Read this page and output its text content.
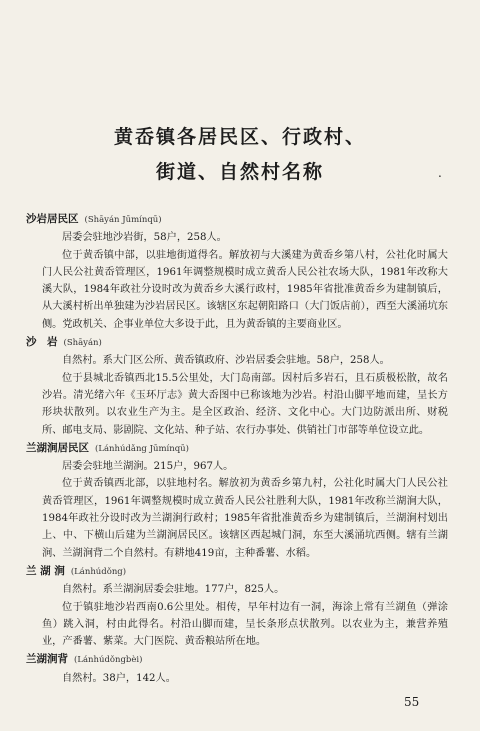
黄岙镇各居民区、行政村、
街道、自然村名称	.
沙岩居民区 (Shāyán Jūmínqū)
居委会驻地沙岩街，58户，258人。
位于黄岙镇中部，以驻地街道得名。解放初与大溪建为黄岙乡第八村，公社化时属大门人民公社黄岙管理区，1961年调整规模时成立黄岙人民公社农场大队，1981年改称大溪大队，1984年政社分设时改为黄岙乡大溪行政村，1985年省批准黄岙乡为建制镇后，从大溪村析出单独建为沙岩居民区。该辖区东起朝阳路口（大门饭店前），西至大溪涌坑东侧。党政机关、企事业单位大多设于此，且为黄岙镇的主要商业区。
沙　岩 (Shāyán)
自然村。系大门区公所、黄岙镇政府、沙岩居委会驻地。58户，258人。
位于县城北岙镇西北15.5公里处，大门岛南部。因村后多岩石，且石质极松散，故名沙岩。清光绪六年《玉环厅志》黄大岙图中已称该地为沙岩。村沿山脚平地而建，呈长方形块状散列。以农业生产为主。是全区政治、经济、文化中心。大门边防派出所、财税所、邮电支局、影剧院、文化站、种子站、农行办事处、供销社门市部等单位设立此。
兰湖涧居民区 (Lánhúdǎng Jūmínqū)
居委会驻地兰湖涧。215户，967人。
位于黄岙镇西北部，以驻地村名。解放初为黄岙乡第九村，公社化时属大门人民公社黄岙管理区，1961年调整规模时成立黄岙人民公社胜利大队，1981年改称兰湖涧大队，1984年政社分设时改为兰湖涧行政村；1985年省批准黄岙乡为建制镇后，兰湖涧村划出上、中、下横山后建为兰湖涧居民区。该辖区西起城门洞，东至大溪涌坑西侧。辖有兰湖涧、兰湖涧背二个自然村。有耕地419亩，主种番薯、水稻。
兰 湖 涧 (Lánhúdǒng)
自然村。系兰湖涧居委会驻地。177户，825人。
位于镇驻地沙岩西南0.6公里处。相传，早年村边有一洞，海涂上常有兰湖鱼（弹涂鱼）跳入洞，村由此得名。村沿山脚而建，呈长条形点状散列。以农业为主，兼营养殖业，产番薯、紫菜。大门医院、黄岙粮站所在地。
兰湖涧背 (Lánhúdǒngbèi)
自然村。38户，142人。
55
